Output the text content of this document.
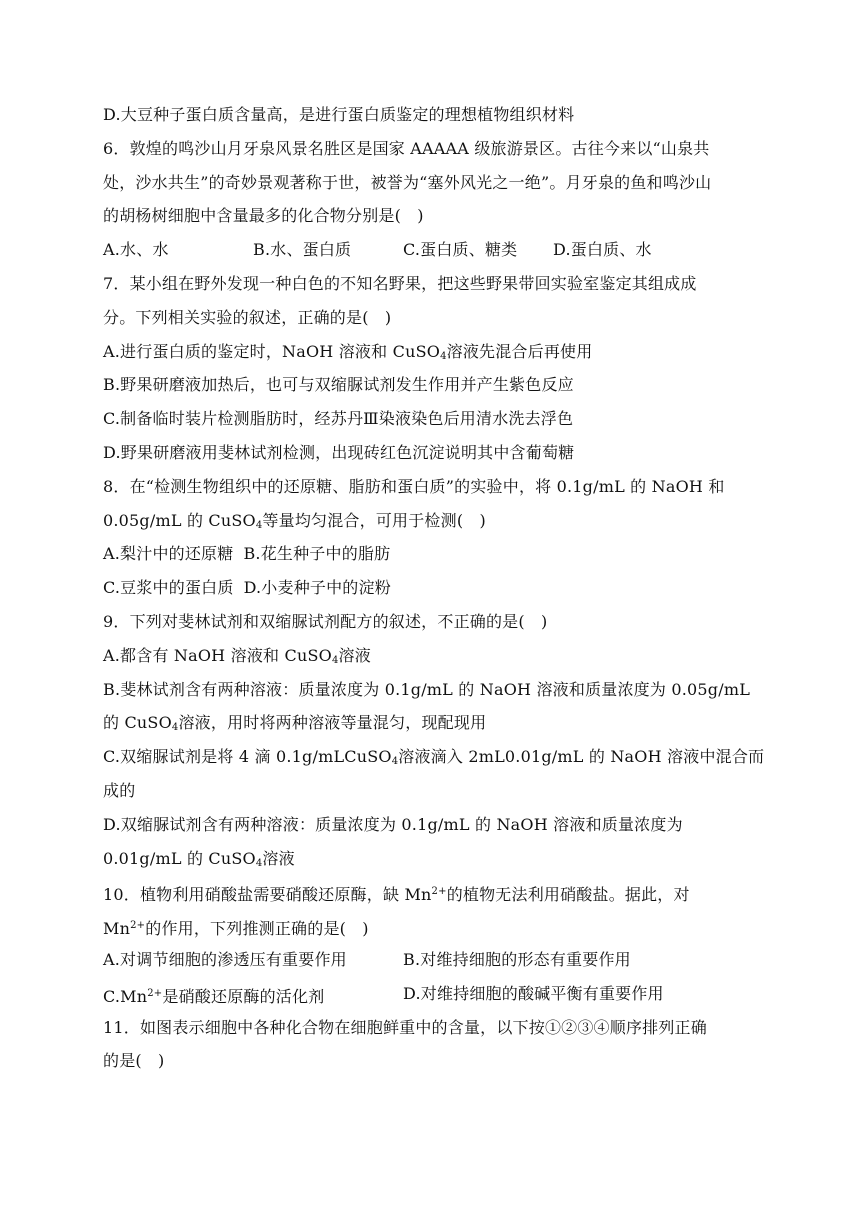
D.大豆种子蛋白质含量高，是进行蛋白质鉴定的理想植物组织材料
6．敦煌的鸣沙山月牙泉风景名胜区是国家 AAAAA 级旅游景区。古往今来以“山泉共
处，沙水共生”的奇妙景观著称于世，被誉为“塞外风光之一绝”。月牙泉的鱼和鸣沙山
的胡杨树细胞中含量最多的化合物分别是(　)
A.水、水	B.水、蛋白质	C.蛋白质、糖类	D.蛋白质、水
7．某小组在野外发现一种白色的不知名野果，把这些野果带回实验室鉴定其组成成
分。下列相关实验的叙述，正确的是(　)
A.进行蛋白质的鉴定时，NaOH 溶液和 CuSO$_4$溶液先混合后再使用
B.野果研磨液加热后，也可与双缩脲试剂发生作用并产生紫色反应
C.制备临时装片检测脂肪时，经苏丹Ⅲ染液染色后用清水洗去浮色
D.野果研磨液用斐林试剂检测，出现砖红色沉淀说明其中含葡萄糖
8．在“检测生物组织中的还原糖、脂肪和蛋白质”的实验中，将 0.1g/mL 的 NaOH 和
0.05g/mL 的 CuSO$_4$等量均匀混合，可用于检测(　)
A.梨汁中的还原糖 B.花生种子中的脂肪
C.豆浆中的蛋白质 D.小麦种子中的淀粉
9．下列对斐林试剂和双缩脲试剂配方的叙述，不正确的是(　)
A.都含有 NaOH 溶液和 CuSO$_4$溶液
B.斐林试剂含有两种溶液：质量浓度为 0.1g/mL 的 NaOH 溶液和质量浓度为 0.05g/mL
的 CuSO$_4$溶液，用时将两种溶液等量混匀，现配现用
C.双缩脲试剂是将 4 滴 0.1g/mLCuSO$_4$溶液滴入 2mL0.01g/mL 的 NaOH 溶液中混合而
成的
D.双缩脲试剂含有两种溶液：质量浓度为 0.1g/mL 的 NaOH 溶液和质量浓度为
0.01g/mL 的 CuSO$_4$溶液
10．植物利用硝酸盐需要硝酸还原酶，缺 $Mn^{2+}$的植物无法利用硝酸盐。据此，对
$Mn^{2+}$的作用，下列推测正确的是(　)
A.对调节细胞的渗透压有重要作用	B.对维持细胞的形态有重要作用
$C.Mn^{2+}$是硝酸还原酶的活化剂	D.对维持细胞的酸碱平衡有重要作用
11．如图表示细胞中各种化合物在细胞鲜重中的含量，以下按①②③④顺序排列正确
的是(　)
